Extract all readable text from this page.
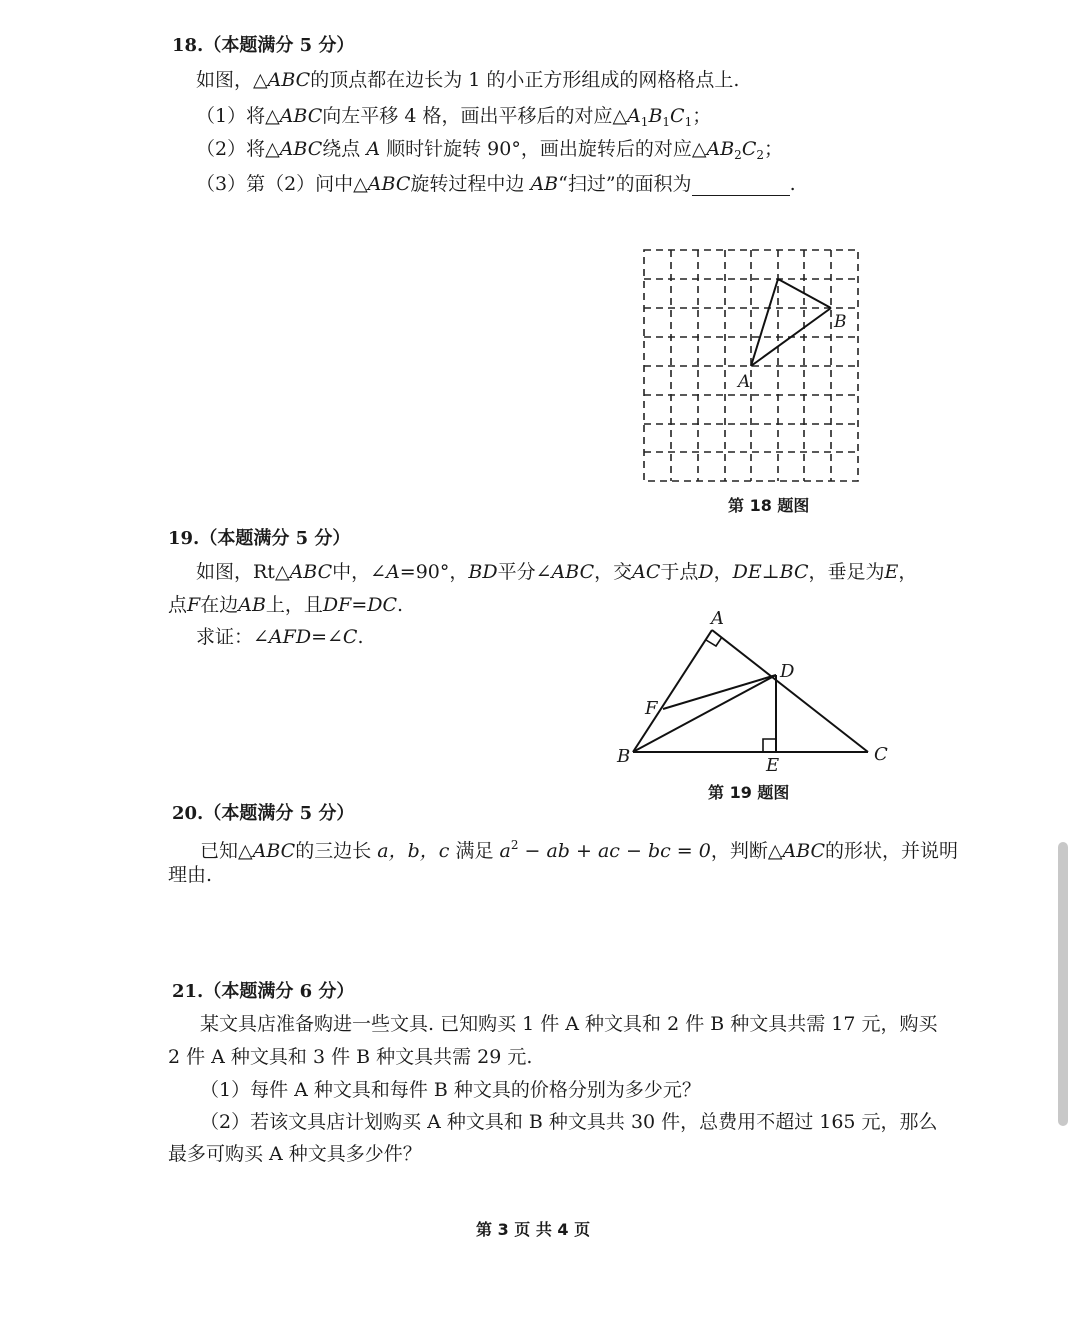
18.（本题满分 5 分）
如图，△ABC的顶点都在边长为 1 的小正方形组成的网格格点上.
（1）将△ABC向左平移 4 格，画出平移后的对应$\triangle A_1B_1C_1$；
（2）将△ABC绕点 A 顺时针旋转 90°，画出旋转后的对应$\triangle AB_2C_2$；
（3）第（2）问中△ABC旋转过程中边 AB“扫过”的面积为	.
A
B
第 18 题图
19.（本题满分 5 分）
如图，Rt△ABC中，∠A=90°，BD平分∠ABC，交AC于点D，DE⊥BC，垂足为E，
点F在边AB上，且DF=DC.
求证：∠AFD=∠C.
A
D
F
B	E
C
第 19 题图
20.（本题满分 5 分）
已知△ABC的三边长 a，b，c 满足 $a^2$ − ab + ac − bc = 0，判断△ABC的形状，并说明
理由.
21.（本题满分 6 分）
某文具店准备购进一些文具. 已知购买 1 件 A 种文具和 2 件 B 种文具共需 17 元，购买
2 件 A 种文具和 3 件 B 种文具共需 29 元.
（1）每件 A 种文具和每件 B 种文具的价格分别为多少元？
（2）若该文具店计划购买 A 种文具和 B 种文具共 30 件，总费用不超过 165 元，那么
最多可购买 A 种文具多少件？
第 3 页 共 4 页
